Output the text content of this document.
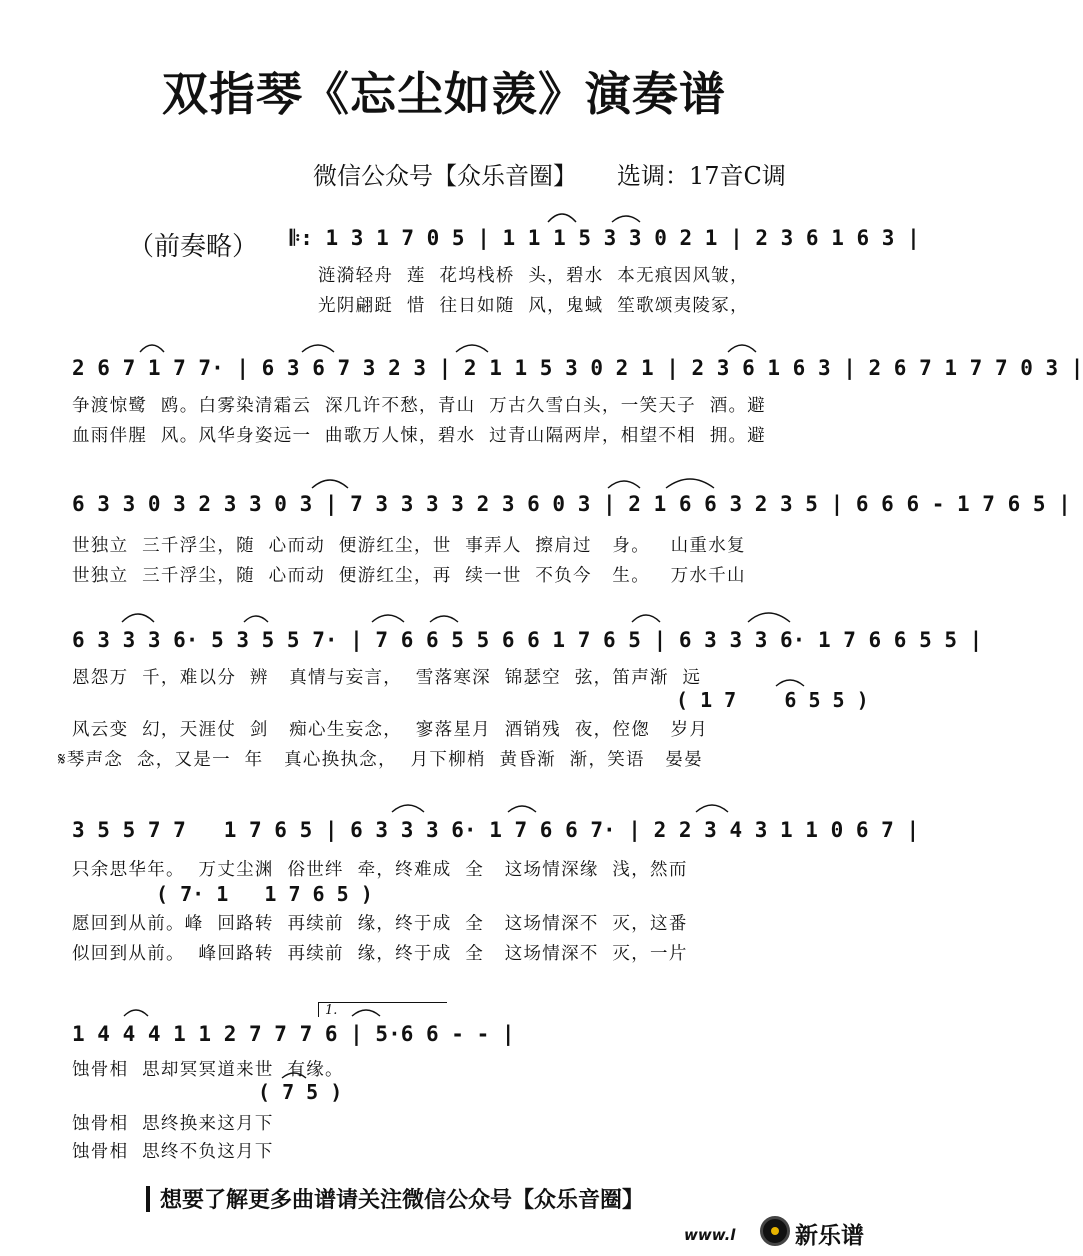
双指琴《忘尘如羡》演奏谱
微信公众号【众乐音圈】 选调：17音C调
（前奏略） 𝄆: 1 3 1 7 0 5 | 1 1 1 5 3 3 0 2 1 | 2 3 6 1 6 3 |
涟漪轻舟  莲  花坞栈桥  头，碧水  本无痕因风皱，
光阴翩跹  惜  往日如随  风，鬼蜮  笙歌颂夷陵冢，
2 6 7 1 7 7· | 6 3 6 7 3 2 3 | 2 1 1 5 3 0 2 1 | 2 3 6 1 6 3 | 2 6 7 1 7 7 0 3 |
争渡惊鹭  鸥。白雾染清霜云  深几许不愁，青山  万古久雪白头，一笑天子  酒。避
血雨伴腥  风。风华身姿远一  曲歌万人悚，碧水  过青山隔两岸，相望不相  拥。避
6 3 3 0 3 2 3 3 0 3 | 7 3 3 3 3 2 3 6 0 3 | 2 1 6 6 3 2 3 5 | 6 6 6 - 1 7 6 5 |
世独立  三千浮尘，随  心而动  便游红尘，世  事弄人  擦肩过   身。   山重水复
世独立  三千浮尘，随  心而动  便游红尘，再  续一世  不负今   生。   万水千山
6 3 3 3 6· 5 3 5 5 7· | 7 6 6 5 5 6 6 1 7 6 5 | 6 3 3 3 6· 1 7 6 6 5 5 |
恩怨万  千，难以分  辨   真情与妄言，  雪落寒深  锦瑟空  弦，笛声渐  远
( 1 7    6 5 5 )
风云变  幻，天涯仗  剑   痴心生妄念，  寥落星月  酒销残  夜，倥偬   岁月
𝄋琴声念  念，又是一  年   真心换执念，  月下柳梢  黄昏渐  渐，笑语   晏晏
3 5 5 7 7   1 7 6 5 | 6 3 3 3 6· 1 7 6 6 7· | 2 2 3 4 3 1 1 0 6 7 |
只余思华年。  万丈尘渊  俗世绊  牵，终难成  全   这场情深缘  浅，然而
( 7· 1   1 7 6 5 )
愿回到从前。峰  回路转  再续前  缘，终于成  全   这场情深不  灭，这番
似回到从前。  峰回路转  再续前  缘，终于成  全   这场情深不  灭，一片
1.
1 4 4 4 1 1 2 7 7 7 6 | 5·6 6 - - |
蚀骨相  思却冥冥道来世  有缘。
( 7 5 )
蚀骨相  思终换来这月下
蚀骨相  思终不负这月下
想要了解更多曲谱请关注微信公众号【众乐音圈】
www.l	新乐谱
